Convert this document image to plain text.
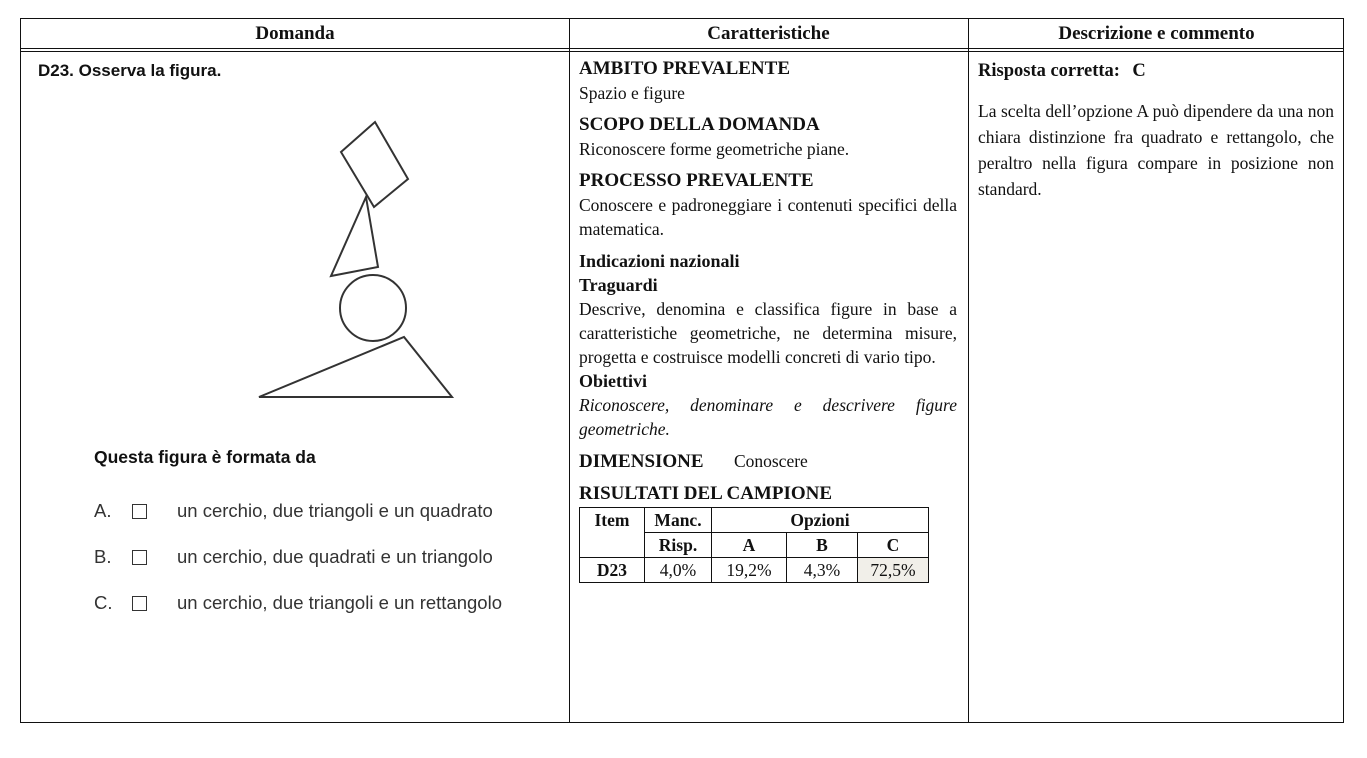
Domanda	Caratteristiche	Descrizione e commento
D23. Osserva la figura.
Questa figura è formata da
A.	un cerchio, due triangoli e un quadrato
B.	un cerchio, due quadrati e un triangolo
C.	un cerchio, due triangoli e un rettangolo
AMBITO PREVALENTE
Spazio e figure
SCOPO DELLA DOMANDA
Riconoscere forme geometriche piane.
PROCESSO PREVALENTE
Conoscere e padroneggiare i contenuti specifici della matematica.
Indicazioni nazionali
Traguardi
Descrive, denomina e classifica figure in base a caratteristiche geometriche, ne determina misure, progetta e costruisce modelli concreti di vario tipo.
Obiettivi
Riconoscere, denominare e descrivere figure geometriche.
DIMENSIONE Conoscere
RISULTATI DEL CAMPIONE
Item	Manc.	Opzioni		
	Risp.	A	B	C
D23	4,0%	19,2%	4,3%	72,5%
Risposta corretta: C
La scelta dell’opzione A può dipendere da una non chiara distinzione fra quadrato e rettangolo, che peraltro nella figura compare in posizione non standard.
